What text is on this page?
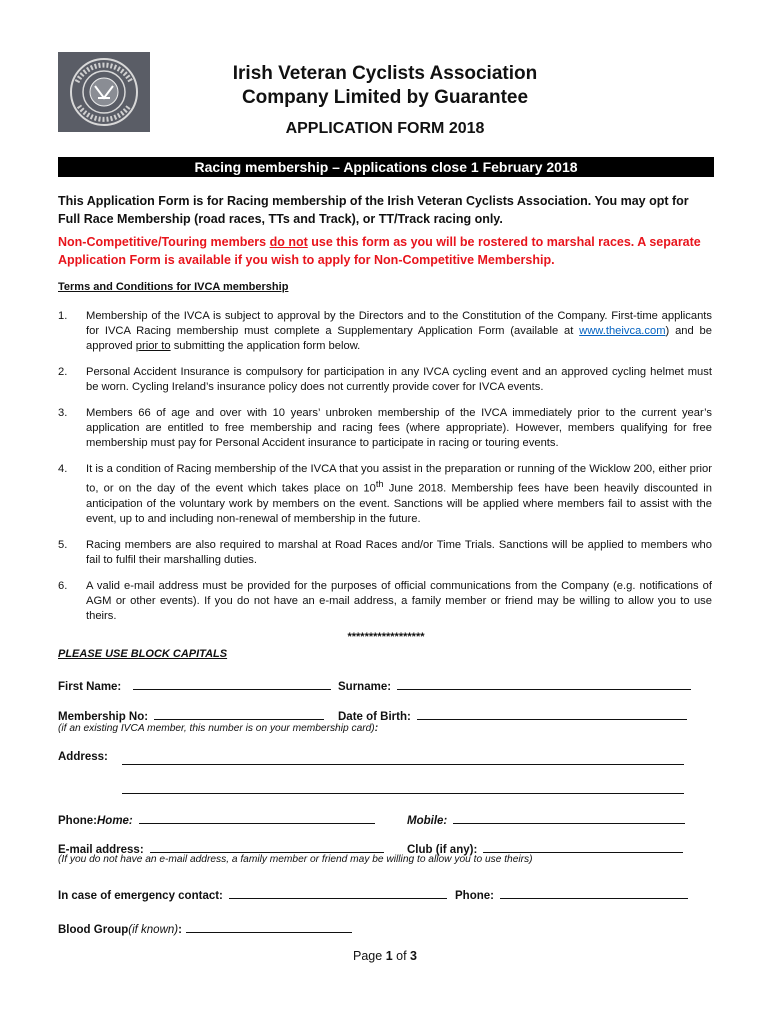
Irish Veteran Cyclists Association
Company Limited by Guarantee
APPLICATION FORM 2018
Racing membership – Applications close 1 February 2018
This Application Form is for Racing membership of the Irish Veteran Cyclists Association. You may opt for Full Race Membership (road races, TTs and Track), or TT/Track racing only.
Non-Competitive/Touring members do not use this form as you will be rostered to marshal races. A separate Application Form is available if you wish to apply for Non-Competitive Membership.
Terms and Conditions for IVCA membership
1.	Membership of the IVCA is subject to approval by the Directors and to the Constitution of the Company. First-time applicants for IVCA Racing membership must complete a Supplementary Application Form (available at www.theivca.com) and be approved prior to submitting the application form below.
2.	Personal Accident Insurance is compulsory for participation in any IVCA cycling event and an approved cycling helmet must be worn. Cycling Ireland’s insurance policy does not currently provide cover for IVCA events.
3.	Members 66 of age and over with 10 years’ unbroken membership of the IVCA immediately prior to the current year’s application are entitled to free membership and racing fees (where appropriate). However, members qualifying for free membership must pay for Personal Accident insurance to participate in racing or touring events.
4.	It is a condition of Racing membership of the IVCA that you assist in the preparation or running of the Wicklow 200, either prior to, or on the day of the event which takes place on 10th June 2018. Membership fees have been heavily discounted in anticipation of the voluntary work by members on the event. Sanctions will be applied where members fail to assist with the event, up to and including non-renewal of membership in the future.
5.	Racing members are also required to marshal at Road Races and/or Time Trials. Sanctions will be applied to members who fail to fulfil their marshalling duties.
6.	A valid e-mail address must be provided for the purposes of official communications from the Company (e.g. notifications of AGM or other events). If you do not have an e-mail address, a family member or friend may be willing to allow you to use theirs.
******************
PLEASE USE BLOCK CAPITALS
First Name:	Surname:
Membership No:	Date of Birth:
(if an existing IVCA member, this number is on your membership card):
Address:
Phone: Home:	Mobile:
E-mail address:	Club (if any):
(If you do not have an e-mail address, a family member or friend may be willing to allow you to use theirs)
In case of emergency contact:	Phone:
Blood Group (if known) :
Page 1 of 3
